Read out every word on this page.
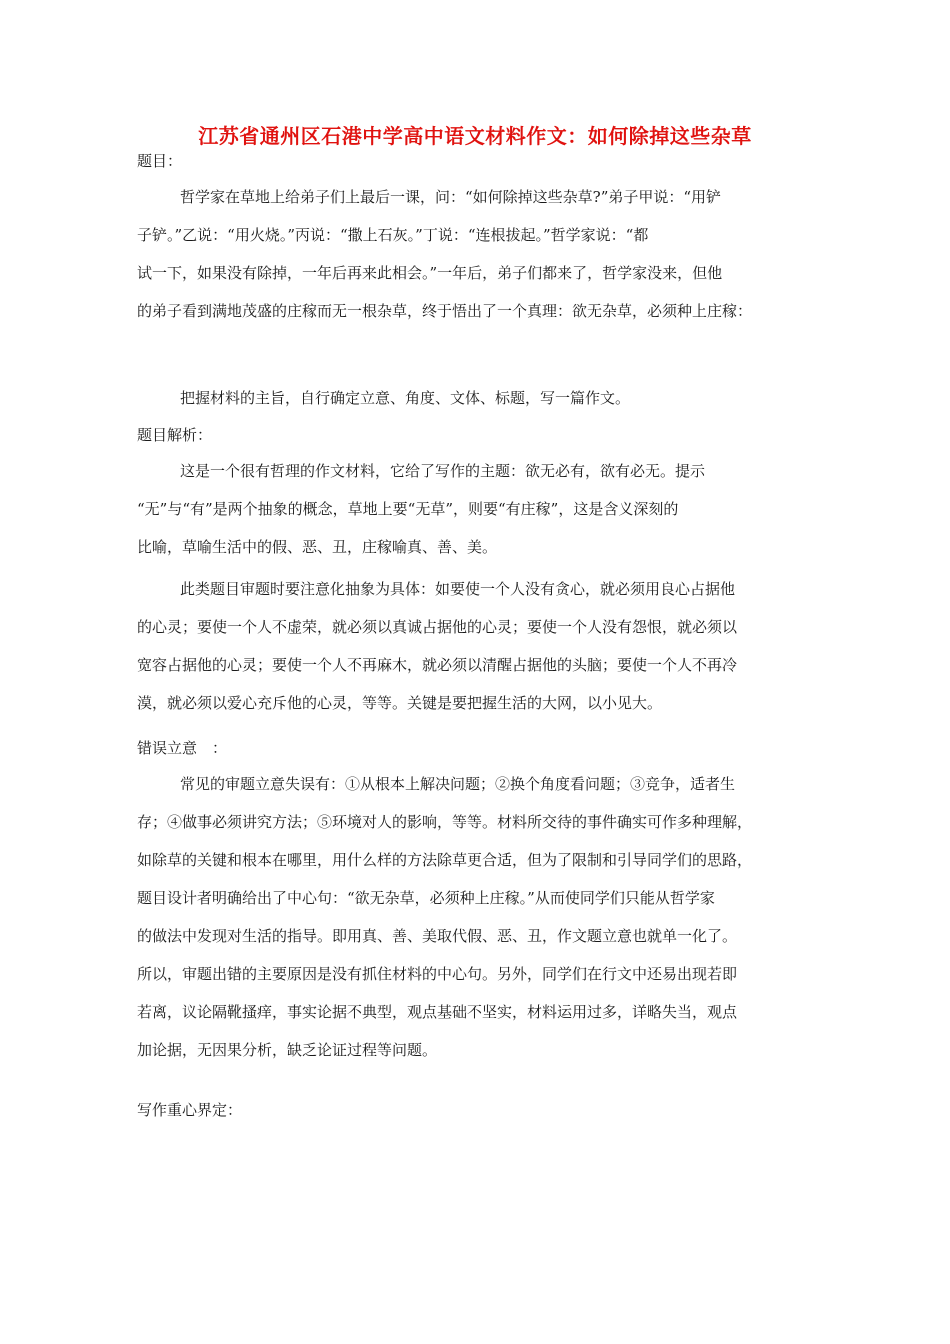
江苏省通州区石港中学高中语文材料作文：如何除掉这些杂草
题目：
哲学家在草地上给弟子们上最后一课，问：“如何除掉这些杂草?”弟子甲说：“用铲
子铲。”乙说：“用火烧。”丙说：“撒上石灰。”丁说：“连根拔起。”哲学家说：“都
试一下，如果没有除掉，一年后再来此相会。”一年后，弟子们都来了，哲学家没来，但他
的弟子看到满地茂盛的庄稼而无一根杂草，终于悟出了一个真理：欲无杂草，必须种上庄稼：
把握材料的主旨，自行确定立意、角度、文体、标题，写一篇作文。
题目解析：
这是一个很有哲理的作文材料，它给了写作的主题：欲无必有，欲有必无。提示
“无”与“有”是两个抽象的概念，草地上要“无草”，则要“有庄稼”，这是含义深刻的
比喻，草喻生活中的假、恶、丑，庄稼喻真、善、美。
此类题目审题时要注意化抽象为具体：如要使一个人没有贪心，就必须用良心占据他
的心灵；要使一个人不虚荣，就必须以真诚占据他的心灵；要使一个人没有怨恨，就必须以
宽容占据他的心灵；要使一个人不再麻木，就必须以清醒占据他的头脑；要使一个人不再冷
漠，就必须以爱心充斥他的心灵，等等。关键是要把握生活的大网，以小见大。
错误立意　：
常见的审题立意失误有：①从根本上解决问题；②换个角度看问题；③竞争，适者生
存；④做事必须讲究方法；⑤环境对人的影响，等等。材料所交待的事件确实可作多种理解，
如除草的关键和根本在哪里，用什么样的方法除草更合适，但为了限制和引导同学们的思路，
题目设计者明确给出了中心句：“欲无杂草，必须种上庄稼。”从而使同学们只能从哲学家
的做法中发现对生活的指导。即用真、善、美取代假、恶、丑，作文题立意也就单一化了。
所以，审题出错的主要原因是没有抓住材料的中心句。另外，同学们在行文中还易出现若即
若离，议论隔靴搔痒，事实论据不典型，观点基础不坚实，材料运用过多，详略失当，观点
加论据，无因果分析，缺乏论证过程等问题。
写作重心界定：
